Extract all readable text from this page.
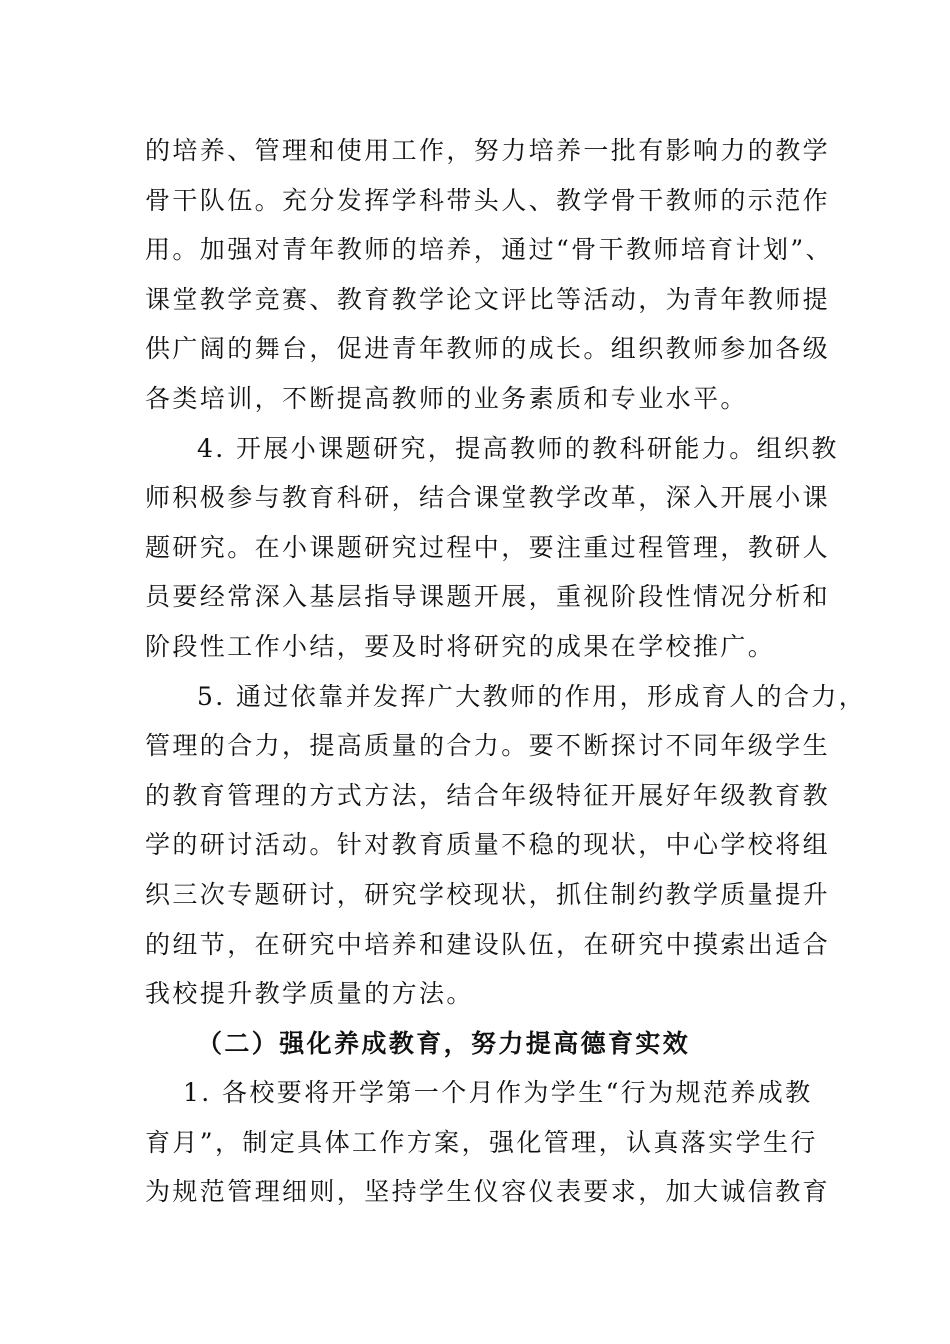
的培养、管理和使用工作，努力培养一批有影响力的教学
骨干队伍。充分发挥学科带头人、教学骨干教师的示范作
用。加强对青年教师的培养，通过“骨干教师培育计划”、
课堂教学竞赛、教育教学论文评比等活动，为青年教师提
供广阔的舞台，促进青年教师的成长。组织教师参加各级
各类培训，不断提高教师的业务素质和专业水平。
4. 开展小课题研究，提高教师的教科研能力。组织教
师积极参与教育科研，结合课堂教学改革，深入开展小课
题研究。在小课题研究过程中，要注重过程管理，教研人
员要经常深入基层指导课题开展，重视阶段性情况分析和
阶段性工作小结，要及时将研究的成果在学校推广。
5. 通过依靠并发挥广大教师的作用，形成育人的合力，
管理的合力，提高质量的合力。要不断探讨不同年级学生
的教育管理的方式方法，结合年级特征开展好年级教育教
学的研讨活动。针对教育质量不稳的现状，中心学校将组
织三次专题研讨，研究学校现状，抓住制约教学质量提升
的纽节，在研究中培养和建设队伍，在研究中摸索出适合
我校提升教学质量的方法。
（二）强化养成教育，努力提高德育实效
1. 各校要将开学第一个月作为学生“行为规范养成教
育月”，制定具体工作方案，强化管理，认真落实学生行
为规范管理细则，坚持学生仪容仪表要求，加大诚信教育
